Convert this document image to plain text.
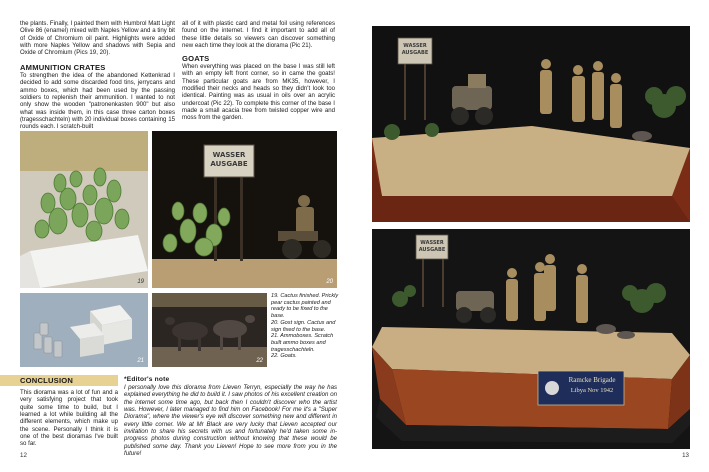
the plants. Finally, I painted them with Humbrol Matt Light Olive 86 (enamel) mixed with Naples Yellow and a tiny bit of Oxide of Chromium oil paint. Highlights were added with more Naples Yellow and shadows with Sepia and Oxide of Chromium (Pics 19, 20).

AMMUNITION CRATES

To strengthen the idea of the abandoned Kettenkrad I decided to add some discarded food tins, jerrycans and ammo boxes, which had been used by the passing soldiers to replenish their ammunition. I wanted to not only show the wooden "patronenkasten 900" but also what was inside them, in this case three carton boxes (tragesschachteln) with 20 individual boxes containing 15 rounds each. I scratch-built

all of it with plastic card and metal foil using references found on the internet. I find it important to add all of these little details so viewers can discover something new each time they look at the diorama (Pic 21).

GOATS

When everything was placed on the base I was still left with an empty left front corner, so in came the goats! These particular goats are from MK35, however, I modified their necks and heads so they didn't look too identical. Painting was as usual in oils over an acrylic undercoat (Pic 22). To complete this corner of the base I made a small acacia tree from twisted copper wire and moss from the garden.

19
WASSER
AUSGABE
20
21	22

19. Cactus finished. Prickly pear cactus painted and ready to be fixed to the base.

20. Gost sign. Cactus and sign fixed to the base.

21. Ammoboxes. Scratch built ammo boxes and tragesschachteln.

22. Goats.

CONCLUSION

This diorama was a lot of fun and a very satisfying project that took quite some time to build, but I learned a lot while building all the different elements, which make up the scene. Personally I think it is one of the best dioramas I've built so far.

*Editor's note

I personally love this diorama from Lieven Terryn, especially the way he has explained everything he did to build it. I saw photos of his excellent creation on the internet some time ago, but back then I couldn't discover who the artist was. However, I later managed to find him on Facebook! For me it's a "Super Diorama", where the viewer's eye will discover something new and different in every little corner. We at Mr Black are very lucky that Lieven accepted our invitation to share his secrets with us and fortunately he'd taken some in-progress photos during construction without knowing that these would be published some day. Thank you Lieven! Hope to see more from you in the future!

12
WASSER
AUSGABE
WASSER
AUSGABE
Ramcke Brigade
Libya Nov 1942
13
